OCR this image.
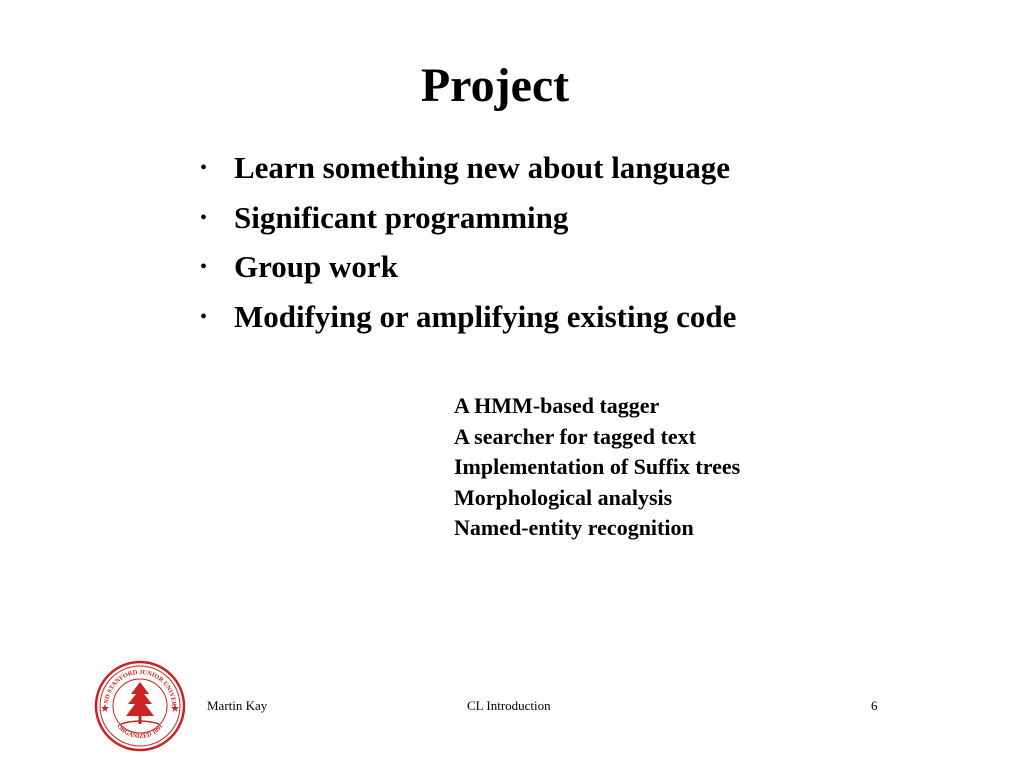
Project
• Learn something new about language
• Significant programming
• Group work
• Modifying or amplifying existing code
A HMM-based tagger
A searcher for tagged text
Implementation of Suffix trees
Morphological analysis
Named-entity recognition
ND STANFORD JUNIOR UNIVER
ORGANIZED 1891
Martin Kay	CL Introduction	6
